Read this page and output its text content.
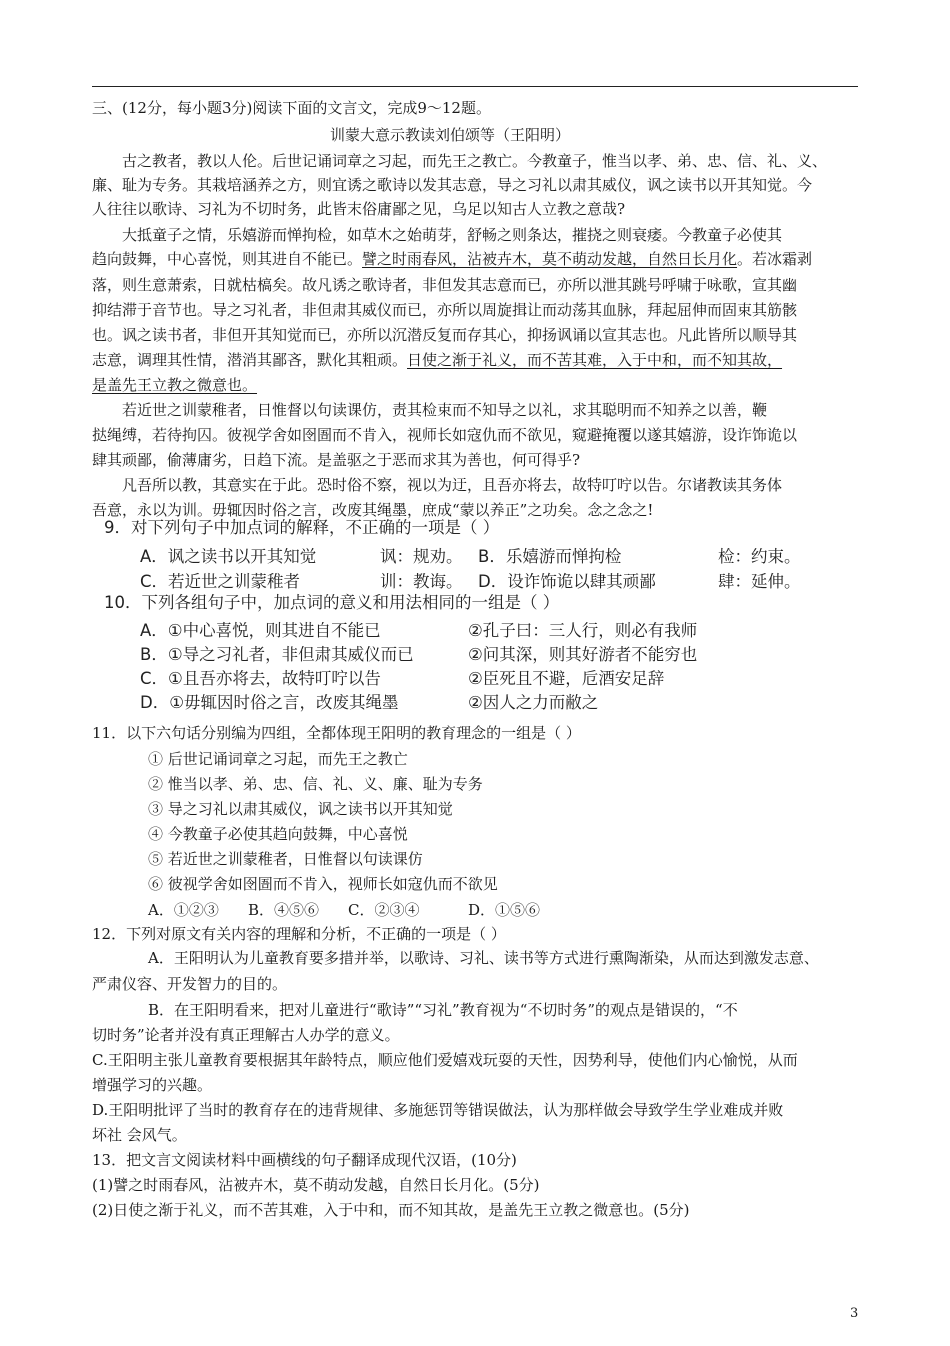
三、(12分，每小题3分)阅读下面的文言文，完成9～12题。
训蒙大意示教读刘伯颂等（王阳明）
古之教者，教以人伦。后世记诵词章之习起，而先王之教亡。今教童子，惟当以孝、弟、忠、信、礼、义、
廉、耻为专务。其栽培涵养之方，则宜诱之歌诗以发其志意，导之习礼以肃其威仪，讽之读书以开其知觉。今
人往往以歌诗、习礼为不切时务，此皆末俗庸鄙之见，乌足以知古人立教之意哉?
大抵童子之情，乐嬉游而惮拘检，如草木之始萌芽，舒畅之则条达，摧挠之则衰痿。今教童子必使其
趋向鼓舞，中心喜悦，则其进自不能已。譬之时雨春风，沾被卉木，莫不萌动发越，自然日长月化。若冰霜剥
落，则生意萧索，日就枯槁矣。故凡诱之歌诗者，非但发其志意而已，亦所以泄其跳号呼啸于咏歌，宣其幽
抑结滞于音节也。导之习礼者，非但肃其威仪而已，亦所以周旋揖让而动荡其血脉，拜起屈伸而固束其筋骸
也。讽之读书者，非但开其知觉而已，亦所以沉潜反复而存其心，抑扬讽诵以宣其志也。凡此皆所以顺导其
志意，调理其性情，潜消其鄙吝，默化其粗顽。日使之渐于礼义，而不苦其难，入于中和，而不知其故，
是盖先王立教之微意也。
若近世之训蒙稚者，日惟督以句读课仿，责其检束而不知导之以礼，求其聪明而不知养之以善，鞭
挞绳缚，若待拘囚。彼视学舍如囹圄而不肯入，视师长如寇仇而不欲见，窥避掩覆以遂其嬉游，设诈饰诡以
肆其顽鄙，偷薄庸劣，日趋下流。是盖驱之于恶而求其为善也，何可得乎?
凡吾所以教，其意实在于此。恐时俗不察，视以为迂，且吾亦将去，故特叮咛以告。尔诸教读其务体
吾意，永以为训。毋辄因时俗之言，改废其绳墨，庶成“蒙以养正”之功矣。念之念之!
9．对下列句子中加点词的解释，不正确的一项是（ ）
A．讽之读书以开其知觉	讽：规劝。 B．乐嬉游而惮拘检	检：约束。
C．若近世之训蒙稚者	训：教诲。 D．设诈饰诡以肆其顽鄙	肆：延伸。
10．下列各组句子中，加点词的意义和用法相同的一组是（ ）
A．①中心喜悦，则其进自不能已	②孔子曰：三人行，则必有我师
B．①导之习礼者，非但肃其威仪而已	②问其深，则其好游者不能穷也
C．①且吾亦将去，故特叮咛以告	②臣死且不避，卮酒安足辞
D．①毋辄因时俗之言，改废其绳墨	②因人之力而敝之
11．以下六句话分别编为四组，全都体现王阳明的教育理念的一组是（ ）
① 后世记诵词章之习起，而先王之教亡
② 惟当以孝、弟、忠、信、礼、义、廉、耻为专务
③ 导之习礼以肃其威仪，讽之读书以开其知觉
④ 今教童子必使其趋向鼓舞，中心喜悦
⑤ 若近世之训蒙稚者，日惟督以句读课仿
⑥ 彼视学舍如囹圄而不肯入，视师长如寇仇而不欲见
A．①②③ B．④⑤⑥ C．②③④	D．①⑤⑥
12．下列对原文有关内容的理解和分析，不正确的一项是（ ）
A．王阳明认为儿童教育要多措并举，以歌诗、习礼、读书等方式进行熏陶渐染，从而达到激发志意、
严肃仪容、开发智力的目的。
B．在王阳明看来，把对儿童进行“歌诗”“习礼”教育视为“不切时务”的观点是错误的，“不
切时务”论者并没有真正理解古人办学的意义。
C.王阳明主张儿童教育要根据其年龄特点，顺应他们爱嬉戏玩耍的天性，因势利导，使他们内心愉悦，从而
增强学习的兴趣。
D.王阳明批评了当时的教育存在的违背规律、多施惩罚等错误做法，认为那样做会导致学生学业难成并败
坏社 会风气。
13．把文言文阅读材料中画横线的句子翻译成现代汉语，(10分)
(1)譬之时雨春风，沾被卉木，莫不萌动发越，自然日长月化。(5分)
(2)日使之渐于礼义，而不苦其难，入于中和，而不知其故，是盖先王立教之微意也。(5分)
3
